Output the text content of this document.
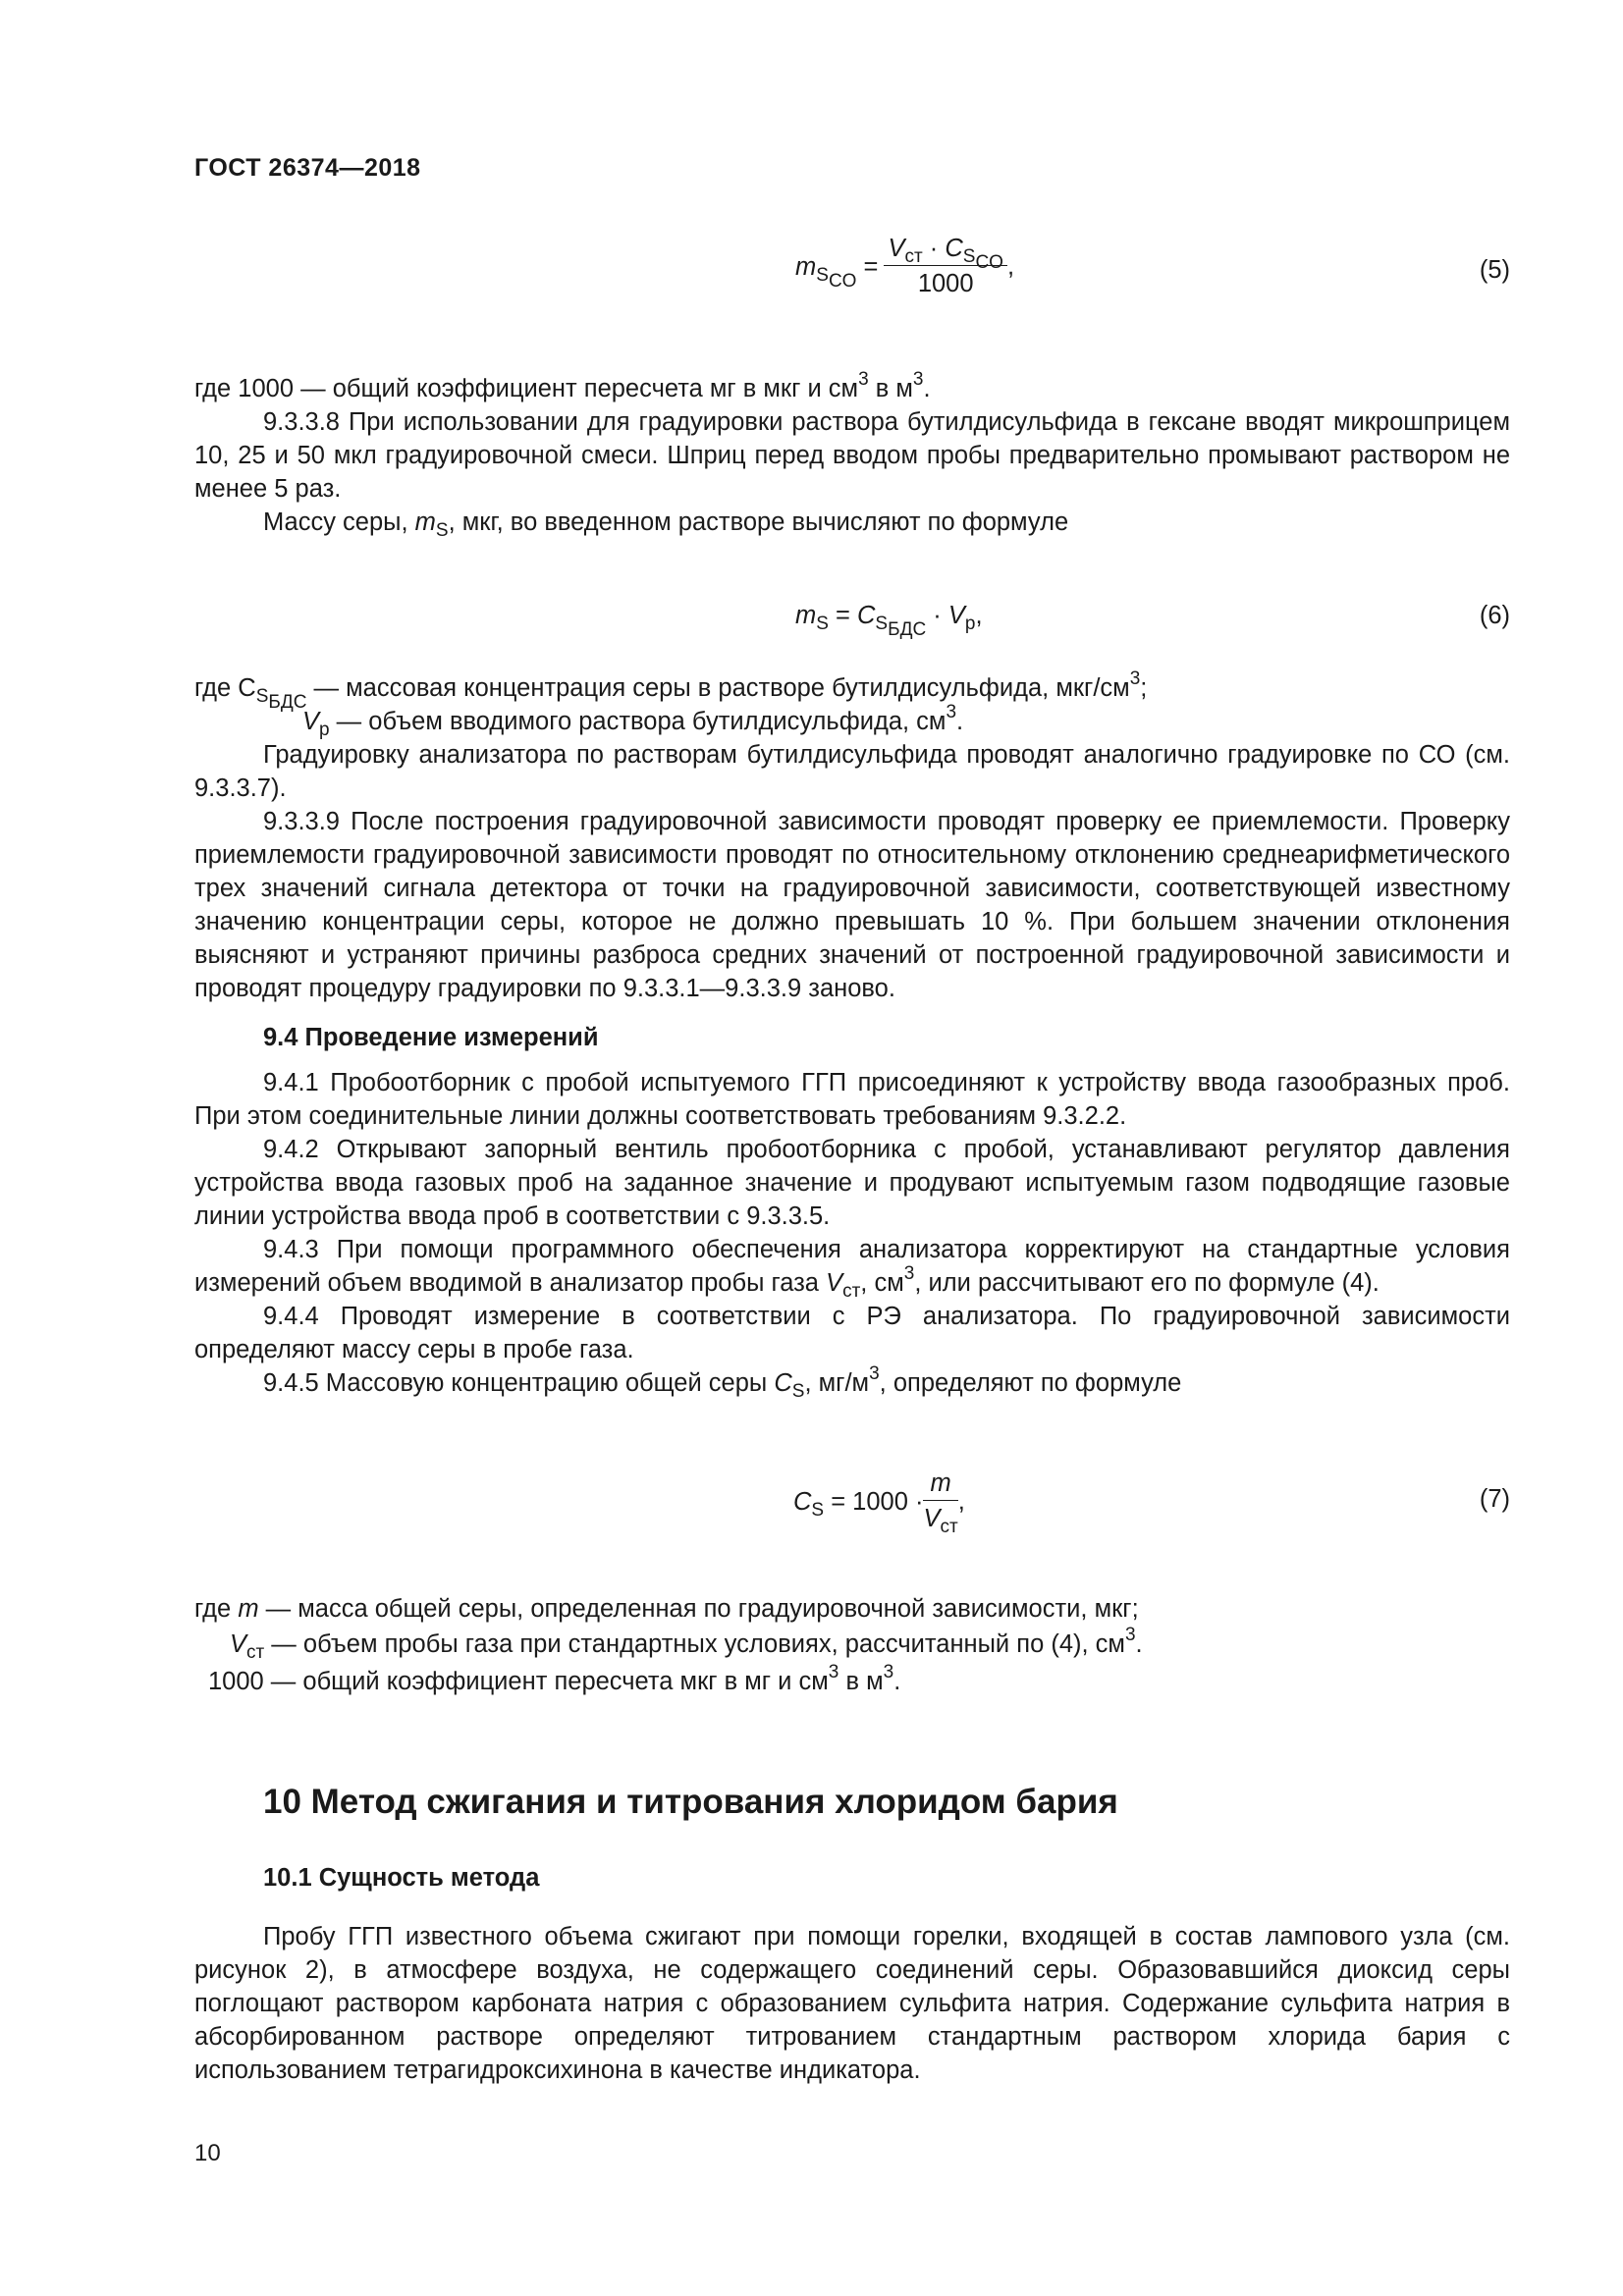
ГОСТ 26374—2018
$m_{S_{CO}} = \frac{V_{ст} \cdot C_{S_{CO}}}{1000}$ ,	(5)

где 1000 — общий коэффициент пересчета мг в мкг и $см^3$ в $м^3$.

9.3.3.8 При использовании для градуировки раствора бутилдисульфида в гексане вводят микрошприцем 10, 25 и 50 мкл градуировочной смеси. Шприц перед вводом пробы предварительно промывают раствором не менее 5 раз.

Массу серы, $m_S$, мкг, во введенном растворе вычисляют по формуле

$m_S = C_{S_{БДС}} \cdot V_р$,	(6)
где $C_{S_{БДС}}$ — массовая концентрация серы в растворе бутилдисульфида, мкг/$см^3$;
$V_р$ — объем вводимого раствора бутилдисульфида, $см^3$.

Градуировку анализатора по растворам бутилдисульфида проводят аналогично градуировке по СО (см. 9.3.3.7).

9.3.3.9 После построения градуировочной зависимости проводят проверку ее приемлемости. Проверку приемлемости градуировочной зависимости проводят по относительному отклонению среднеарифметического трех значений сигнала детектора от точки на градуировочной зависимости, соответствующей известному значению концентрации серы, которое не должно превышать 10 %. При большем значении отклонения выясняют и устраняют причины разброса средних значений от построенной градуировочной зависимости и проводят процедуру градуировки по 9.3.3.1—9.3.3.9 заново.

9.4 Проведение измерений

9.4.1 Пробоотборник с пробой испытуемого ГГП присоединяют к устройству ввода газообразных проб. При этом соединительные линии должны соответствовать требованиям 9.3.2.2.

9.4.2 Открывают запорный вентиль пробоотборника с пробой, устанавливают регулятор давления устройства ввода газовых проб на заданное значение и продувают испытуемым газом подводящие газовые линии устройства ввода проб в соответствии с 9.3.3.5.

9.4.3 При помощи программного обеспечения анализатора корректируют на стандартные условия измерений объем вводимой в анализатор пробы газа $V_{ст}$, $см^3$, или рассчитывают его по формуле (4).

9.4.4 Проводят измерение в соответствии с РЭ анализатора. По градуировочной зависимости определяют массу серы в пробе газа.

9.4.5 Массовую концентрацию общей серы $C_S$, $мг/м^3$, определяют по формуле

$C_S = 1000 \cdot \frac{m}{V_{ст}}$ ,	(7)
где m — масса общей серы, определенная по градуировочной зависимости, мкг;
$V_{ст}$ — объем пробы газа при стандартных условиях, рассчитанный по (4), $см^3$.
1000 — общий коэффициент пересчета мкг в мг и $см^3$ в $м^3$.
10 Метод сжигания и титрования хлоридом бария

10.1 Сущность метода

Пробу ГГП известного объема сжигают при помощи горелки, входящей в состав лампового узла (см. рисунок 2), в атмосфере воздуха, не содержащего соединений серы. Образовавшийся диоксид серы поглощают раствором карбоната натрия с образованием сульфита натрия. Содержание сульфита натрия в абсорбированном растворе определяют титрованием стандартным раствором хлорида бария с использованием тетрагидроксихинона в качестве индикатора.

10
